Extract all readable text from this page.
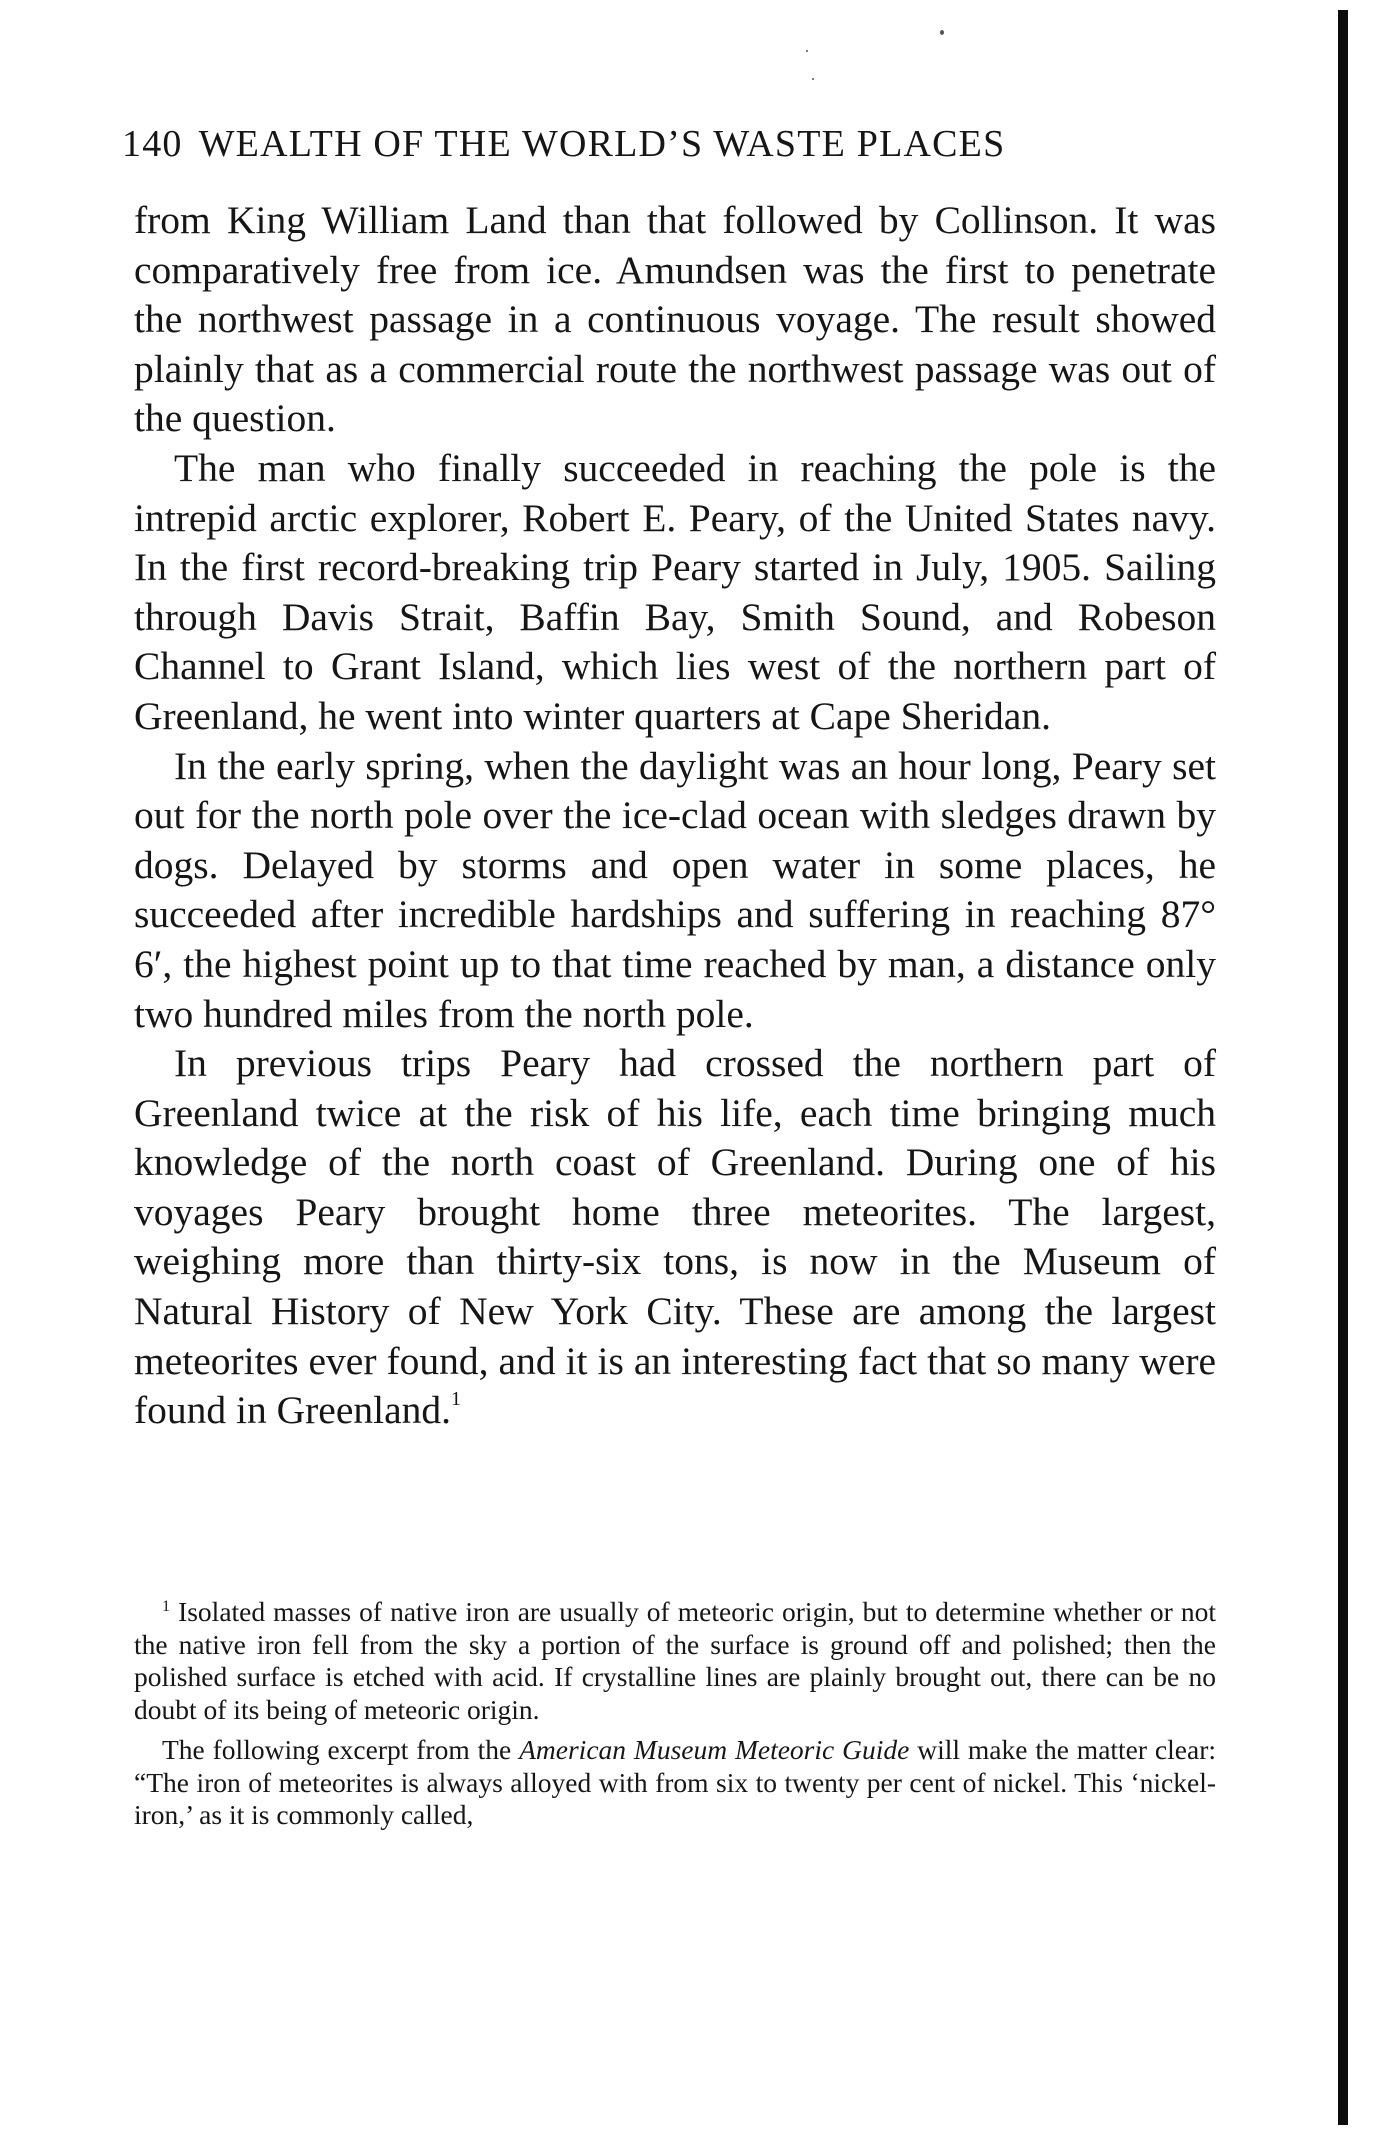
140 WEALTH OF THE WORLD’S WASTE PLACES

from King William Land than that followed by Collinson. It was comparatively free from ice. Amundsen was the first to penetrate the northwest passage in a continuous voyage. The result showed plainly that as a commercial route the northwest passage was out of the question.

The man who finally succeeded in reaching the pole is the intrepid arctic explorer, Robert E. Peary, of the United States navy. In the first record-breaking trip Peary started in July, 1905. Sailing through Davis Strait, Baffin Bay, Smith Sound, and Robeson Channel to Grant Island, which lies west of the northern part of Greenland, he went into winter quarters at Cape Sheridan.

In the early spring, when the daylight was an hour long, Peary set out for the north pole over the ice-clad ocean with sledges drawn by dogs. Delayed by storms and open water in some places, he succeeded after incredible hardships and suffering in reaching 87° 6′, the highest point up to that time reached by man, a distance only two hundred miles from the north pole.

In previous trips Peary had crossed the northern part of Greenland twice at the risk of his life, each time bringing much knowledge of the north coast of Greenland. During one of his voyages Peary brought home three meteorites. The largest, weighing more than thirty-six tons, is now in the Museum of Natural History of New York City. These are among the largest meteorites ever found, and it is an interesting fact that so many were found in Greenland.$^1$

$^1$ Isolated masses of native iron are usually of meteoric origin, but to determine whether or not the native iron fell from the sky a portion of the surface is ground off and polished; then the polished surface is etched with acid. If crystalline lines are plainly brought out, there can be no doubt of its being of meteoric origin.

The following excerpt from the American Museum Meteoric Guide will make the matter clear: “The iron of meteorites is always alloyed with from six to twenty per cent of nickel. This ‘nickel-iron,’ as it is commonly called,
